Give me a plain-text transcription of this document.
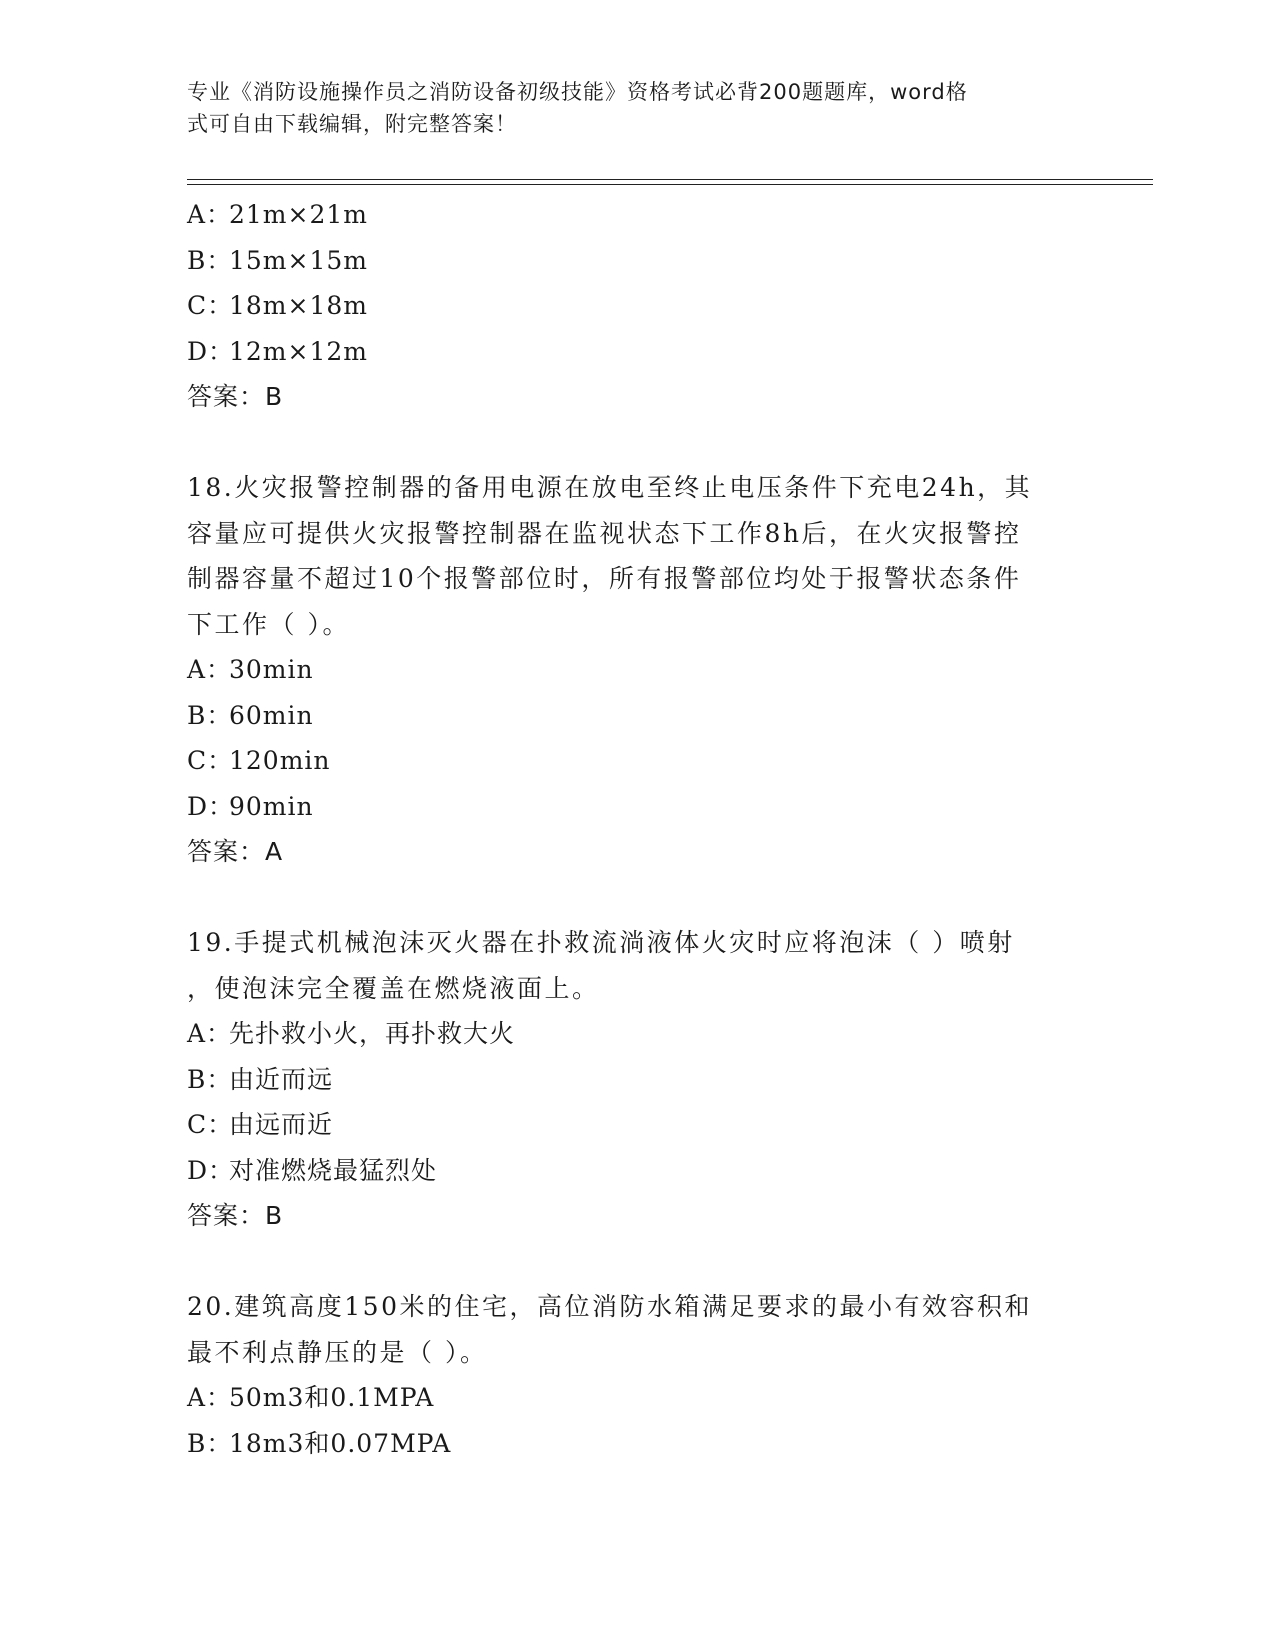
专业《消防设施操作员之消防设备初级技能》资格考试必背200题题库，word格
式可自由下载编辑，附完整答案！
A：21m×21m
B：15m×15m
C：18m×18m
D：12m×12m
答案：B
18.火灾报警控制器的备用电源在放电至终止电压条件下充电24h，其
容量应可提供火灾报警控制器在监视状态下工作8h后，在火灾报警控
制器容量不超过10个报警部位时，所有报警部位均处于报警状态条件
下工作（ ）。
A：30min
B：60min
C：120min
D：90min
答案：A
19.手提式机械泡沫灭火器在扑救流淌液体火灾时应将泡沫（ ）喷射
，使泡沫完全覆盖在燃烧液面上。
A：先扑救小火，再扑救大火
B：由近而远
C：由远而近
D：对准燃烧最猛烈处
答案：B
20.建筑高度150米的住宅，高位消防水箱满足要求的最小有效容积和
最不利点静压的是（ ）。
A：50m3和0.1MPA
B：18m3和0.07MPA
